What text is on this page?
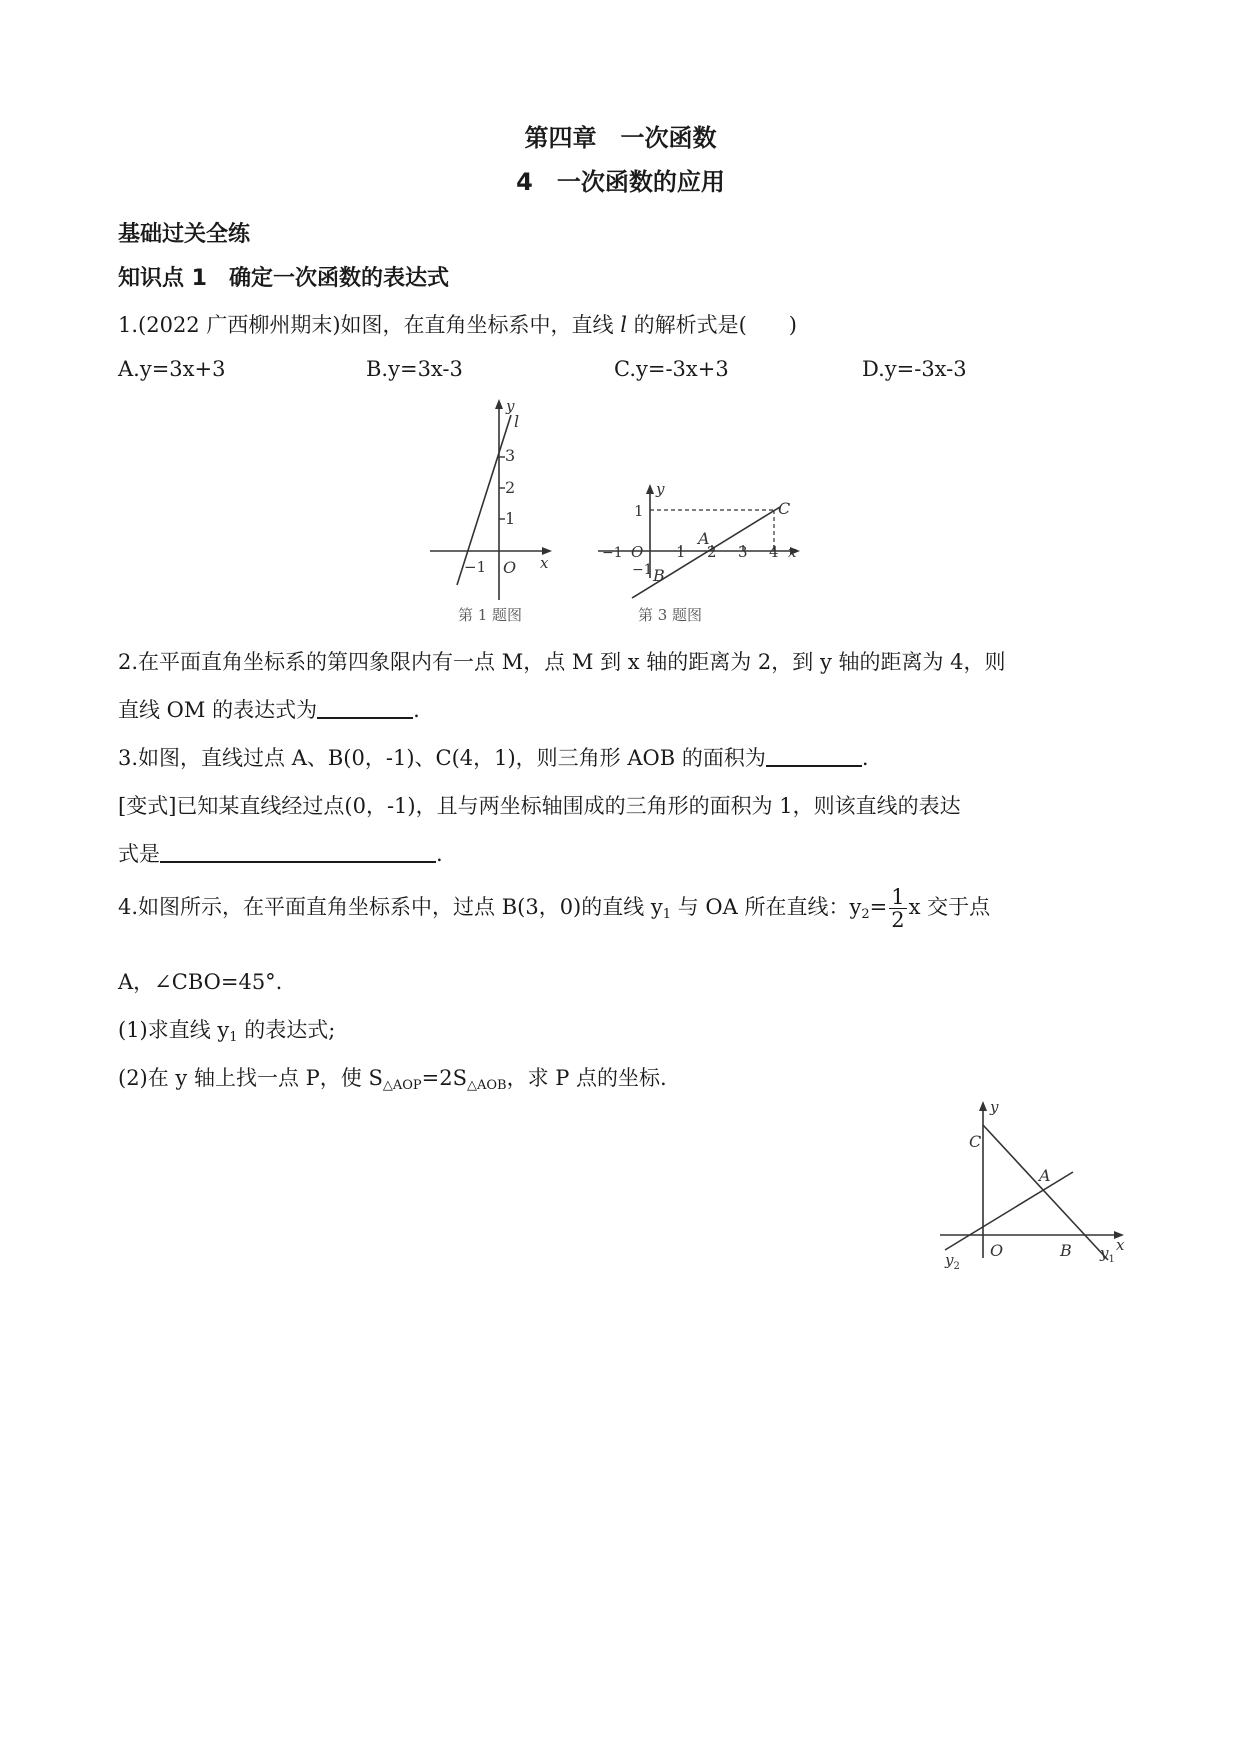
第四章　一次函数
4　一次函数的应用
基础过关全练
知识点 1　确定一次函数的表达式
1.(2022 广西柳州期末)如图，在直角坐标系中，直线 l 的解析式是(　　)
A.y=3x+3	B.y=3x-3	C.y=-3x+3	D.y=-3x-3
y
l
3
2
1
−1 O x
第 1 题图
y
1	C
A
−1 O 1 2 3 4 x
−1 B
第 3 题图
2.在平面直角坐标系的第四象限内有一点 M，点 M 到 x 轴的距离为 2，到 y 轴的距离为 4，则
直线 OM 的表达式为	.
3.如图，直线过点 A、B(0，-1)、C(4，1)，则三角形 AOB 的面积为	.
[变式]已知某直线经过点(0，-1)，且与两坐标轴围成的三角形的面积为 1，则该直线的表达
式是	.
4.如图所示，在平面直角坐标系中，过点 B(3，0)的直线 $y_1$ 与 OA 所在直线：$y_2= \frac{1}{2}$ x 交于点
A，∠CBO=45°.
(1)求直线 $y_1$ 的表达式;
(2)在 y 轴上找一点 P，使 $S_{\triangle AOP}=2S_{\triangle AOB}$，求 P 点的坐标.
y
C
A
O	B	x
$y_2$
$y_1$
